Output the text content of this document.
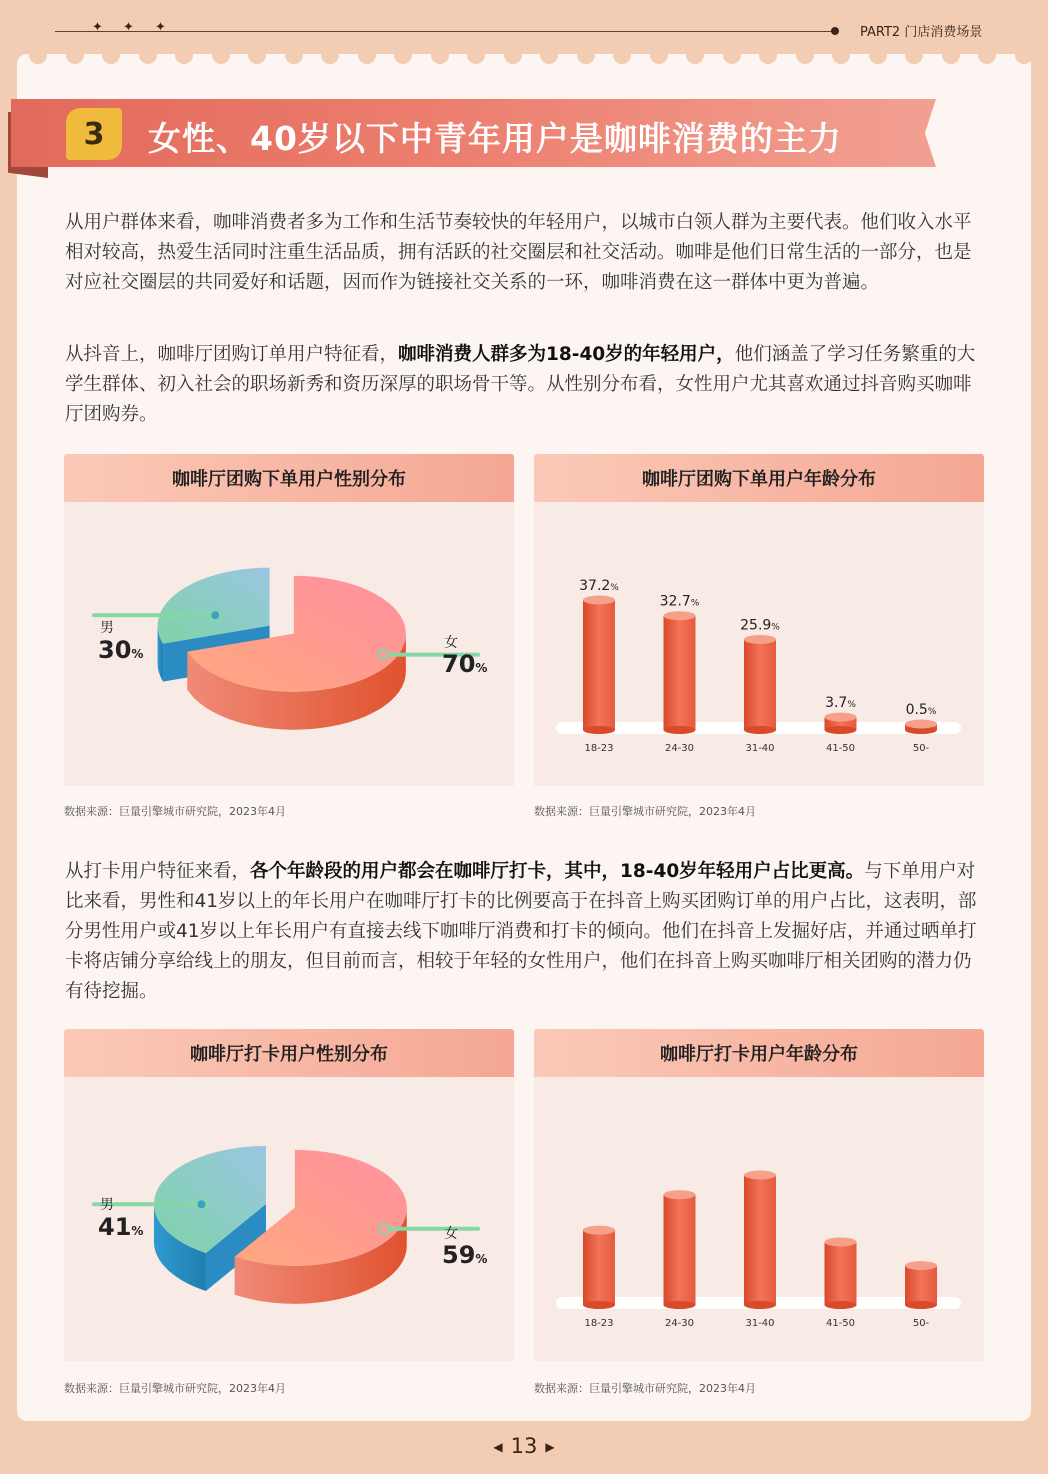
✦ ✦ ✦	PART2 门店消费场景
3	女性、40岁以下中青年用户是咖啡消费的主力
从用户群体来看，咖啡消费者多为工作和生活节奏较快的年轻用户，以城市白领人群为主要代表。他们收入水平相对较高，热爱生活同时注重生活品质，拥有活跃的社交圈层和社交活动。咖啡是他们日常生活的一部分，也是对应社交圈层的共同爱好和话题，因而作为链接社交关系的一环，咖啡消费在这一群体中更为普遍。
从抖音上，咖啡厅团购订单用户特征看，咖啡消费人群多为18-40岁的年轻用户，他们涵盖了学习任务繁重的大学生群体、初入社会的职场新秀和资历深厚的职场骨干等。从性别分布看，女性用户尤其喜欢通过抖音购买咖啡厅团购券。
咖啡厅团购下单用户性别分布
男
30%
女
70%
数据来源：巨量引擎城市研究院，2023年4月
咖啡厅团购下单用户年龄分布
18-23
37.2%
24-30
32.7%
31-40
25.9%
41-50
3.7%
50-
0.5%
数据来源：巨量引擎城市研究院，2023年4月
从打卡用户特征来看，各个年龄段的用户都会在咖啡厅打卡，其中，18-40岁年轻用户占比更高。与下单用户对比来看，男性和41岁以上的年长用户在咖啡厅打卡的比例要高于在抖音上购买团购订单的用户占比，这表明，部分男性用户或41岁以上年长用户有直接去线下咖啡厅消费和打卡的倾向。他们在抖音上发掘好店，并通过晒单打卡将店铺分享给线上的朋友，但目前而言，相较于年轻的女性用户，他们在抖音上购买咖啡厅相关团购的潜力仍有待挖掘。
咖啡厅打卡用户性别分布
男
41%	女
59%
数据来源：巨量引擎城市研究院，2023年4月
咖啡厅打卡用户年龄分布
18-23	24-30	31-40	41-50	50-
数据来源：巨量引擎城市研究院，2023年4月
◀ 13 ▶
